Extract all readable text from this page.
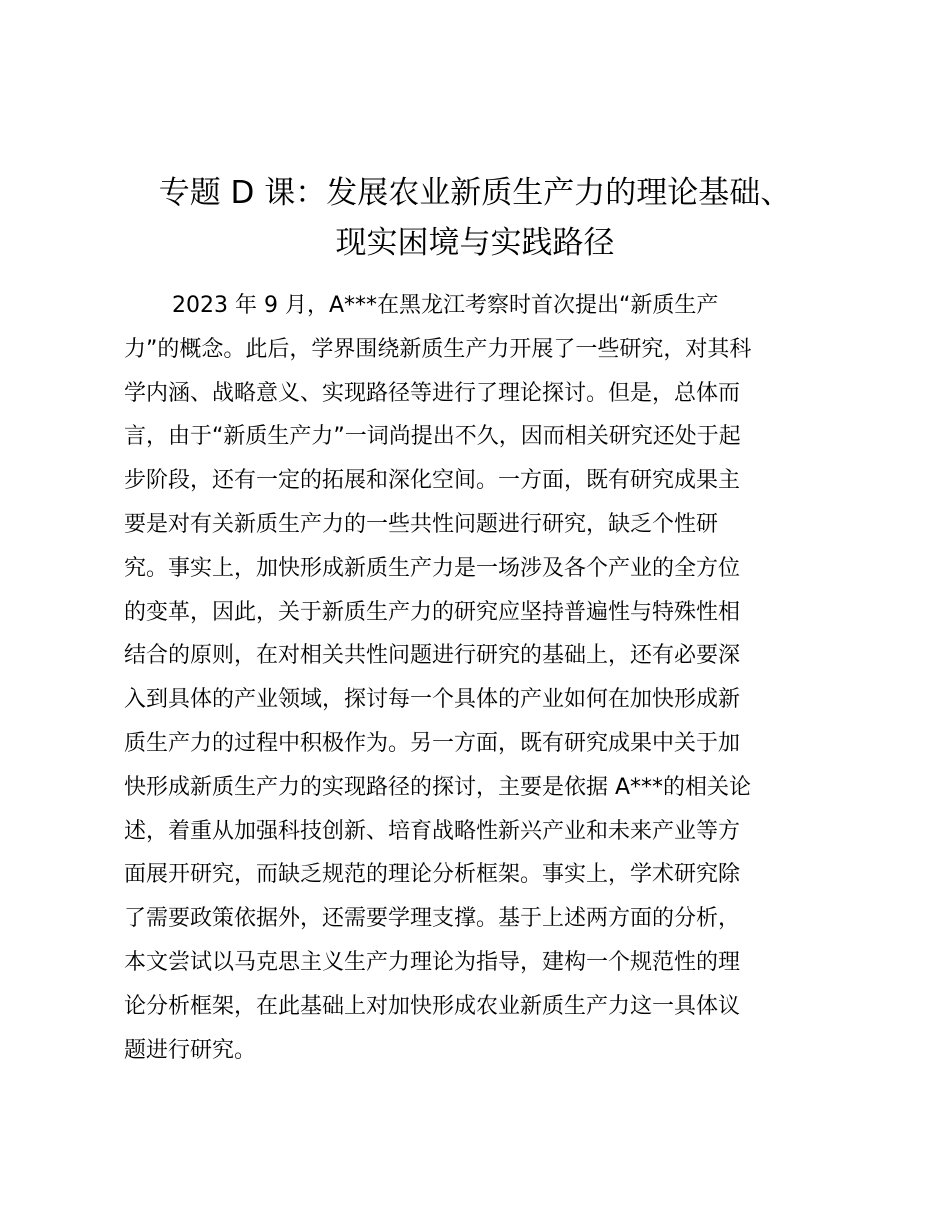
专题 D 课：发展农业新质生产力的理论基础、
现实困境与实践路径
2023 年 9 月，A***在黑龙江考察时首次提出“新质生产
力”的概念。此后，学界围绕新质生产力开展了一些研究，对其科
学内涵、战略意义、实现路径等进行了理论探讨。但是，总体而
言，由于“新质生产力”一词尚提出不久，因而相关研究还处于起
步阶段，还有一定的拓展和深化空间。一方面，既有研究成果主
要是对有关新质生产力的一些共性问题进行研究，缺乏个性研
究。事实上，加快形成新质生产力是一场涉及各个产业的全方位
的变革，因此，关于新质生产力的研究应坚持普遍性与特殊性相
结合的原则，在对相关共性问题进行研究的基础上，还有必要深
入到具体的产业领域，探讨每一个具体的产业如何在加快形成新
质生产力的过程中积极作为。另一方面，既有研究成果中关于加
快形成新质生产力的实现路径的探讨，主要是依据 A***的相关论
述，着重从加强科技创新、培育战略性新兴产业和未来产业等方
面展开研究，而缺乏规范的理论分析框架。事实上，学术研究除
了需要政策依据外，还需要学理支撑。基于上述两方面的分析，
本文尝试以马克思主义生产力理论为指导，建构一个规范性的理
论分析框架，在此基础上对加快形成农业新质生产力这一具体议
题进行研究。
